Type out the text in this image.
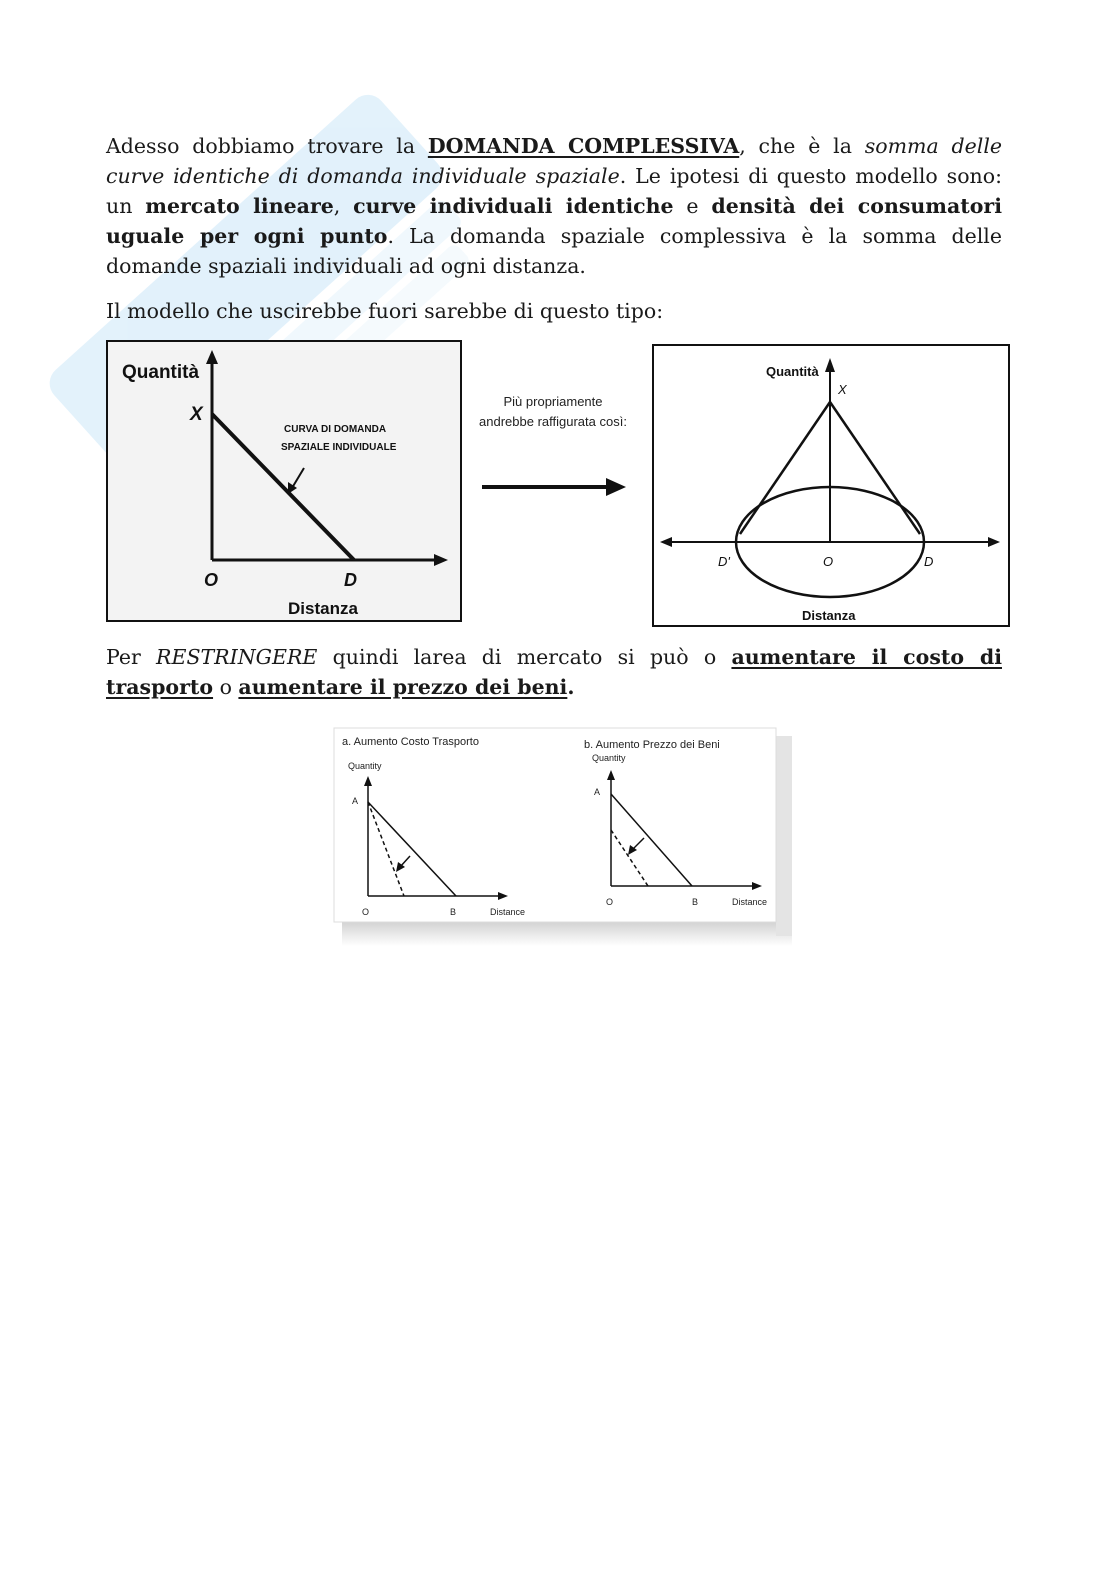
Adesso dobbiamo trovare la DOMANDA COMPLESSIVA, che è la somma delle curve identiche di domanda individuale spaziale. Le ipotesi di questo modello sono: un mercato lineare, curve individuali identiche e densità dei consumatori uguale per ogni punto. La domanda spaziale complessiva è la somma delle domande spaziali individuali ad ogni distanza.

Il modello che uscirebbe fuori sarebbe di questo tipo:

Quantità
X
CURVA DI DOMANDA
SPAZIALE INDIVIDUALE
O	D
Distanza
Più propriamente andrebbe raffigurata così:
Quantità
X
D'	O	D
Distanza

Per RESTRINGERE quindi larea di mercato si può o aumentare il costo di trasporto o aumentare il prezzo dei beni.

a. Aumento Costo Trasporto
Quantity
A
O	B	Distance
b. Aumento Prezzo dei Beni
Quantity
A
O	B	Distance
